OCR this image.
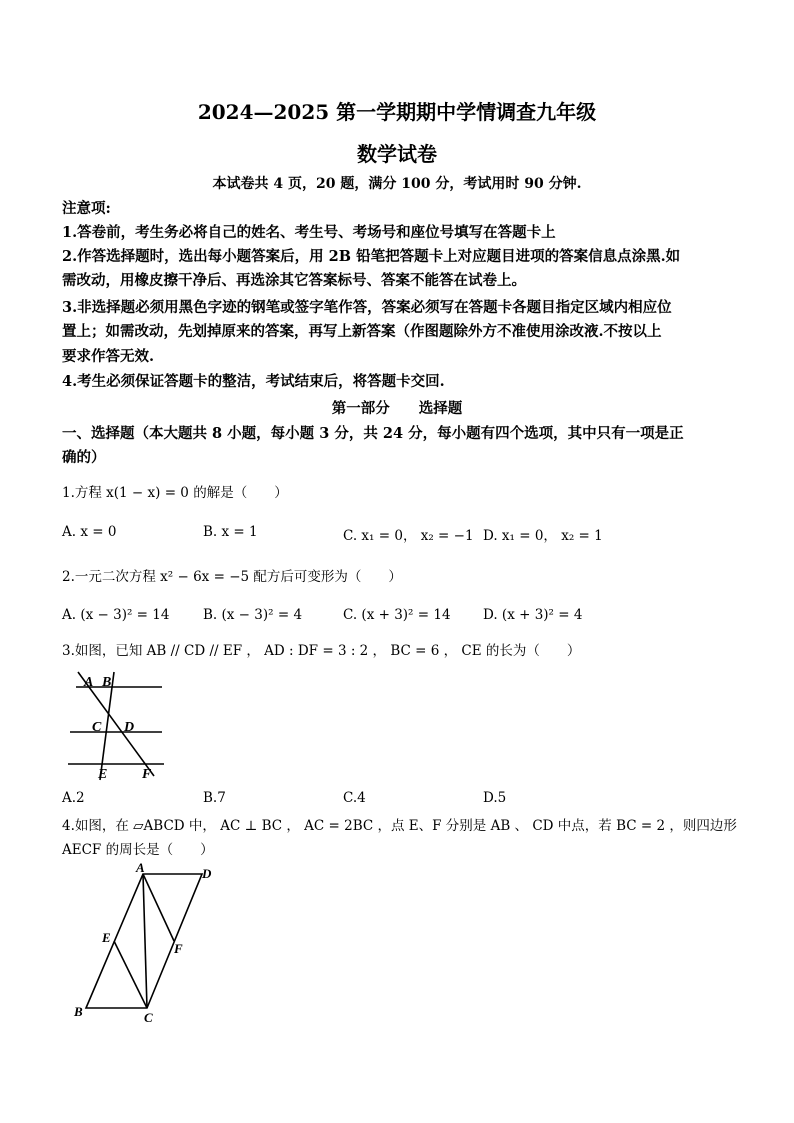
2024—2025 第一学期期中学情调查九年级
数学试卷
本试卷共 4 页，20 题，满分 100 分，考试用时 90 分钟.
注意项:
1.答卷前，考生务必将自己的姓名、考生号、考场号和座位号填写在答题卡上
2.作答选择题时，选出每小题答案后，用 2B 铅笔把答题卡上对应题目进项的答案信息点涂黑.如
需改动，用橡皮擦干净后、再选涂其它答案标号、答案不能答在试卷上。
3.非选择题必须用黑色字迹的钢笔或签字笔作答，答案必须写在答题卡各题目指定区域内相应位
置上；如需改动，先划掉原来的答案，再写上新答案（作图题除外方不准使用涂改液.不按以上
要求作答无效.
4.考生必须保证答题卡的整洁，考试结束后，将答题卡交回.
第一部分 选择题
一、选择题（本大题共 8 小题，每小题 3 分，共 24 分，每小题有四个选项，其中只有一项是正
确的）
1.方程 x(1 − x) = 0 的解是（　　）
A. x = 0	B. x = 1	C. x₁ = 0， x₂ = −1 D. x₁ = 0， x₂ = 1
2.一元二次方程 x² − 6x = −5 配方后可变形为（　　）
A. (x − 3)² = 14 B. (x − 3)² = 4	C. (x + 3)² = 14 D. (x + 3)² = 4
3.如图，已知 AB // CD // EF ， AD : DF = 3 : 2 ， BC = 6 ， CE 的长为（　　）
A B
C D
E F
A.2	B.7	C.4	D.5
4.如图，在 ▱ABCD 中， AC ⊥ BC ， AC = 2BC ，点 E、F 分别是 AB 、 CD 中点，若 BC = 2 ，则四边形
AECF 的周长是（　　）
A	D
E
F
B	C
